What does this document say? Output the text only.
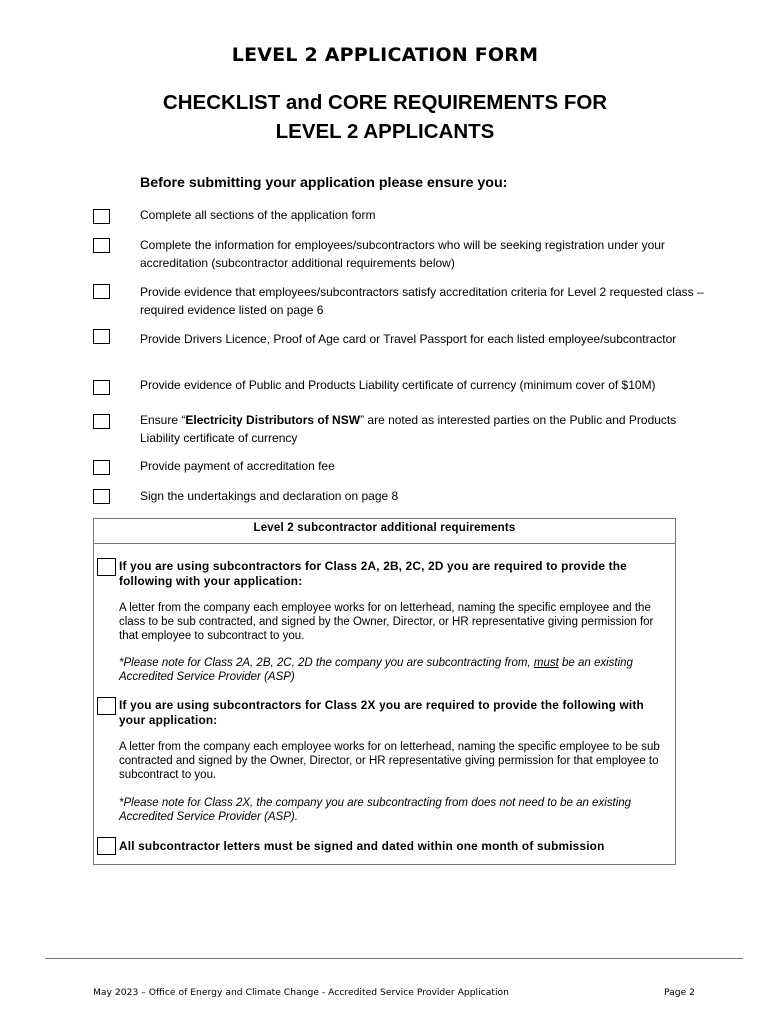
LEVEL 2 APPLICATION FORM
CHECKLIST and CORE REQUIREMENTS FOR
LEVEL 2 APPLICANTS
Before submitting your application please ensure you:
Complete all sections of the application form
Complete the information for employees/subcontractors who will be seeking registration under your accreditation (subcontractor additional requirements below)
Provide evidence that employees/subcontractors satisfy accreditation criteria for Level 2 requested class – required evidence listed on page 6
Provide Drivers Licence, Proof of Age card or Travel Passport for each listed employee/subcontractor
Provide evidence of Public and Products Liability certificate of currency (minimum cover of $10M)
Ensure “Electricity Distributors of NSW” are noted as interested parties on the Public and Products Liability certificate of currency
Provide payment of accreditation fee
Sign the undertakings and declaration on page 8
Level 2 subcontractor additional requirements
If you are using subcontractors for Class 2A, 2B, 2C, 2D you are required to provide the following with your application:
A letter from the company each employee works for on letterhead, naming the specific employee and the class to be sub contracted, and signed by the Owner, Director, or HR representative giving permission for that employee to subcontract to you.
*Please note for Class 2A, 2B, 2C, 2D the company you are subcontracting from, must be an existing Accredited Service Provider (ASP)
If you are using subcontractors for Class 2X you are required to provide the following with your application:
A letter from the company each employee works for on letterhead, naming the specific employee to be sub contracted and signed by the Owner, Director, or HR representative giving permission for that employee to subcontract to you.
*Please note for Class 2X, the company you are subcontracting from does not need to be an existing Accredited Service Provider (ASP).
All subcontractor letters must be signed and dated within one month of submission
May 2023 – Office of Energy and Climate Change - Accredited Service Provider Application	Page 2
